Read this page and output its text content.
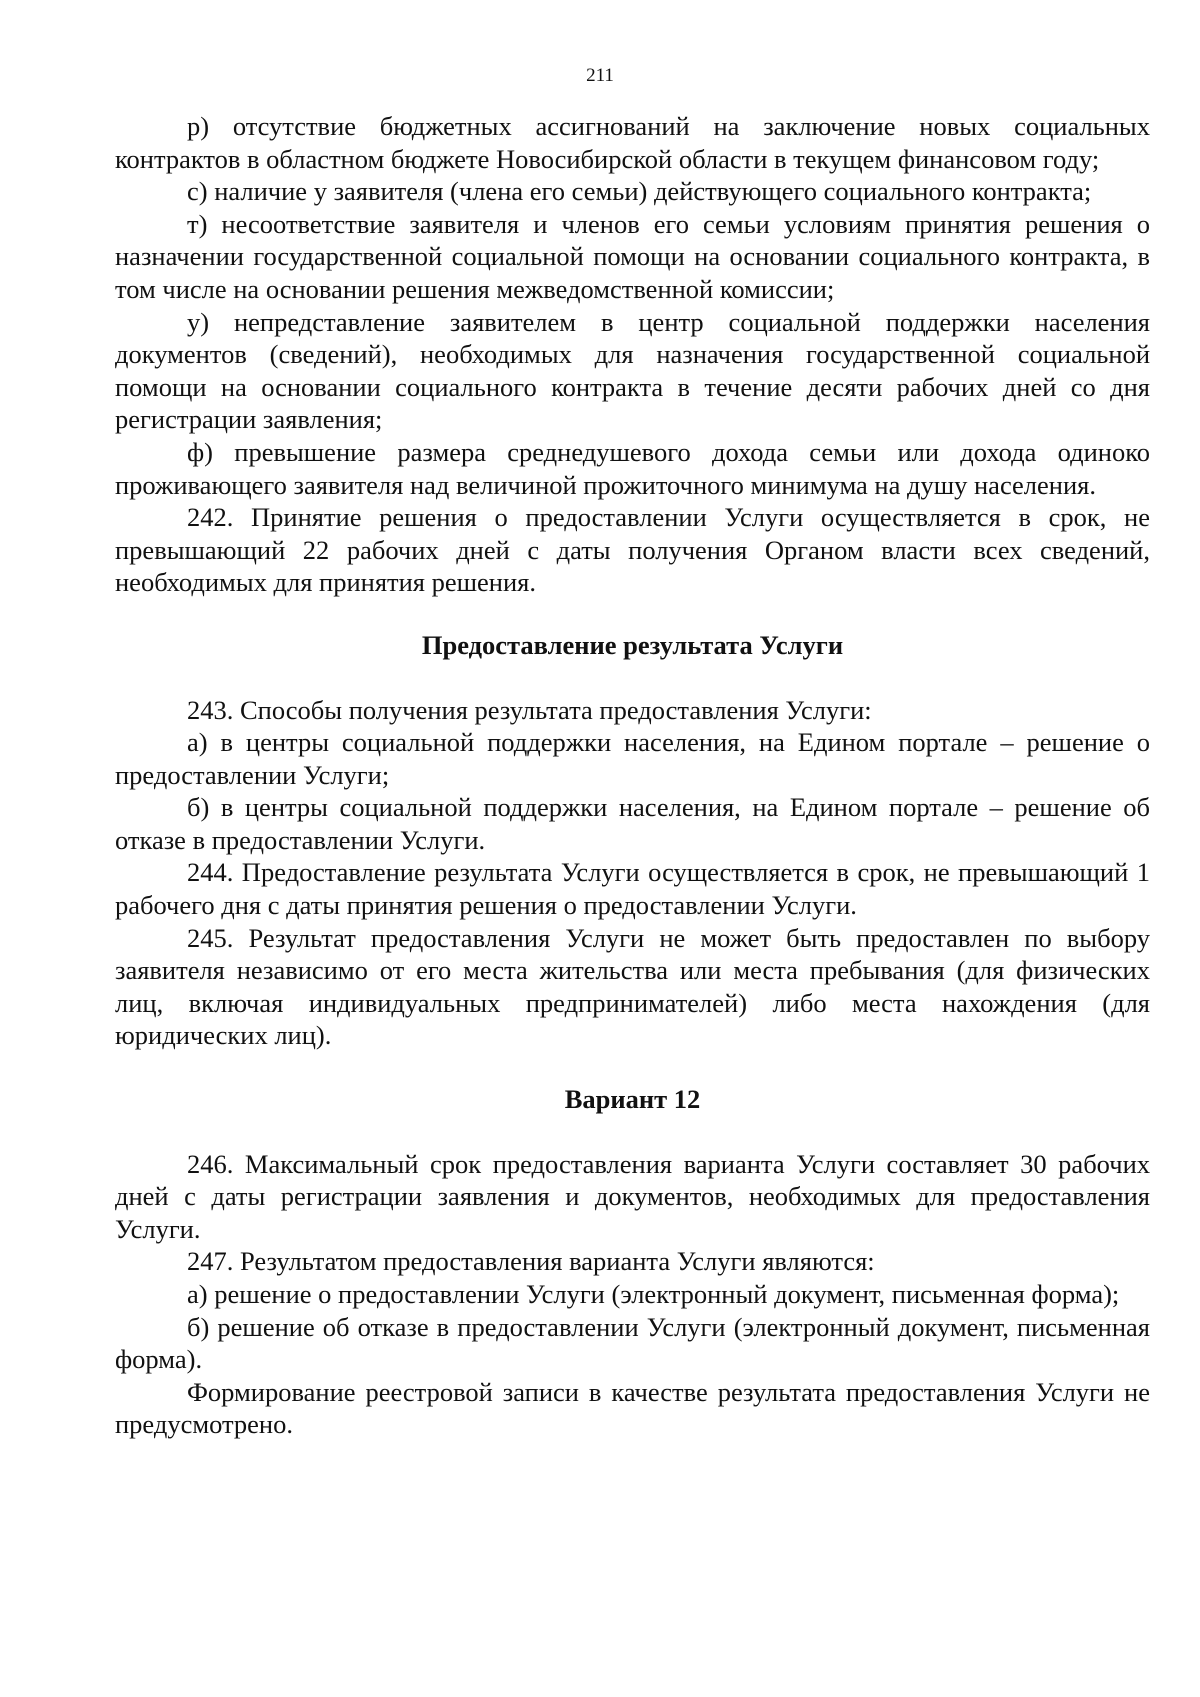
211

р) отсутствие бюджетных ассигнований на заключение новых социальных контрактов в областном бюджете Новосибирской области в текущем финансовом году;

с) наличие у заявителя (члена его семьи) действующего социального контракта;

т) несоответствие заявителя и членов его семьи условиям принятия решения о назначении государственной социальной помощи на основании социального контракта, в том числе на основании решения межведомственной комиссии;

у) непредставление заявителем в центр социальной поддержки населения документов (сведений), необходимых для назначения государственной социальной помощи на основании социального контракта в течение десяти рабочих дней со дня регистрации заявления;

ф) превышение размера среднедушевого дохода семьи или дохода одиноко проживающего заявителя над величиной прожиточного минимума на душу населения.

242. Принятие решения о предоставлении Услуги осуществляется в срок, не превышающий 22 рабочих дней с даты получения Органом власти всех сведений, необходимых для принятия решения.

Предоставление результата Услуги

243. Способы получения результата предоставления Услуги:

а) в центры социальной поддержки населения, на Едином портале – решение о предоставлении Услуги;

б) в центры социальной поддержки населения, на Едином портале – решение об отказе в предоставлении Услуги.

244. Предоставление результата Услуги осуществляется в срок, не превышающий 1 рабочего дня с даты принятия решения о предоставлении Услуги.

245. Результат предоставления Услуги не может быть предоставлен по выбору заявителя независимо от его места жительства или места пребывания (для физических лиц, включая индивидуальных предпринимателей) либо места нахождения (для юридических лиц).

Вариант 12

246. Максимальный срок предоставления варианта Услуги составляет 30 рабочих дней с даты регистрации заявления и документов, необходимых для предоставления Услуги.

247. Результатом предоставления варианта Услуги являются:

а) решение о предоставлении Услуги (электронный документ, письменная форма);

б) решение об отказе в предоставлении Услуги (электронный документ, письменная форма).

Формирование реестровой записи в качестве результата предоставления Услуги не предусмотрено.
